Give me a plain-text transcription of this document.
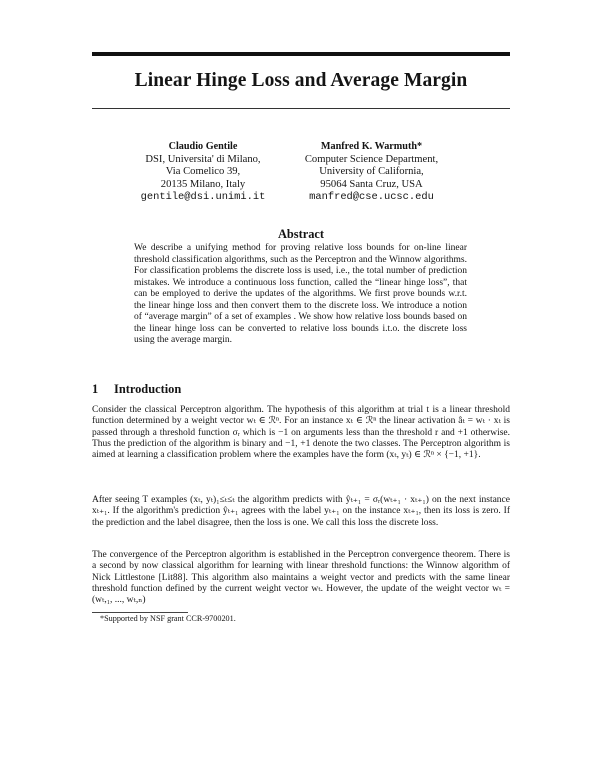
Linear Hinge Loss and Average Margin
Claudio Gentile
DSI, Universita' di Milano,
Via Comelico 39,
20135 Milano, Italy
gentile@dsi.unimi.it
Manfred K. Warmuth*
Computer Science Department,
University of California,
95064 Santa Cruz, USA
manfred@cse.ucsc.edu
Abstract
We describe a unifying method for proving relative loss bounds for on-line linear threshold classification algorithms, such as the Perceptron and the Winnow algorithms. For classification problems the discrete loss is used, i.e., the total number of prediction mistakes. We introduce a continuous loss function, called the “linear hinge loss”, that can be employed to derive the updates of the algorithms. We first prove bounds w.r.t. the linear hinge loss and then convert them to the discrete loss. We introduce a notion of “average margin” of a set of examples . We show how relative loss bounds based on the linear hinge loss can be converted to relative loss bounds i.t.o. the discrete loss using the average margin.
1 Introduction
Consider the classical Perceptron algorithm. The hypothesis of this algorithm at trial t is a linear threshold function determined by a weight vector wₜ ∈ ℛⁿ. For an instance xₜ ∈ ℛⁿ the linear activation âₜ = wₜ · xₜ is passed through a threshold function σᵣ which is −1 on arguments less than the threshold r and +1 otherwise. Thus the prediction of the algorithm is binary and −1, +1 denote the two classes. The Perceptron algorithm is aimed at learning a classification problem where the examples have the form (xₜ, yₜ) ∈ ℛⁿ × {−1, +1}.
After seeing T examples (xₜ, yₜ)₁≤ₜ≤ₜ the algorithm predicts with ŷₜ₊₁ = σᵣ(wₜ₊₁ · xₜ₊₁) on the next instance xₜ₊₁. If the algorithm's prediction ŷₜ₊₁ agrees with the label yₜ₊₁ on the instance xₜ₊₁, then its loss is zero. If the prediction and the label disagree, then the loss is one. We call this loss the discrete loss.
The convergence of the Perceptron algorithm is established in the Perceptron convergence theorem. There is a second by now classical algorithm for learning with linear threshold functions: the Winnow algorithm of Nick Littlestone [Lit88]. This algorithm also maintains a weight vector and predicts with the same linear threshold function defined by the current weight vector wₜ. However, the update of the weight vector wₜ = (wₜ,₁, ..., wₜ,ₙ)
*Supported by NSF grant CCR-9700201.
